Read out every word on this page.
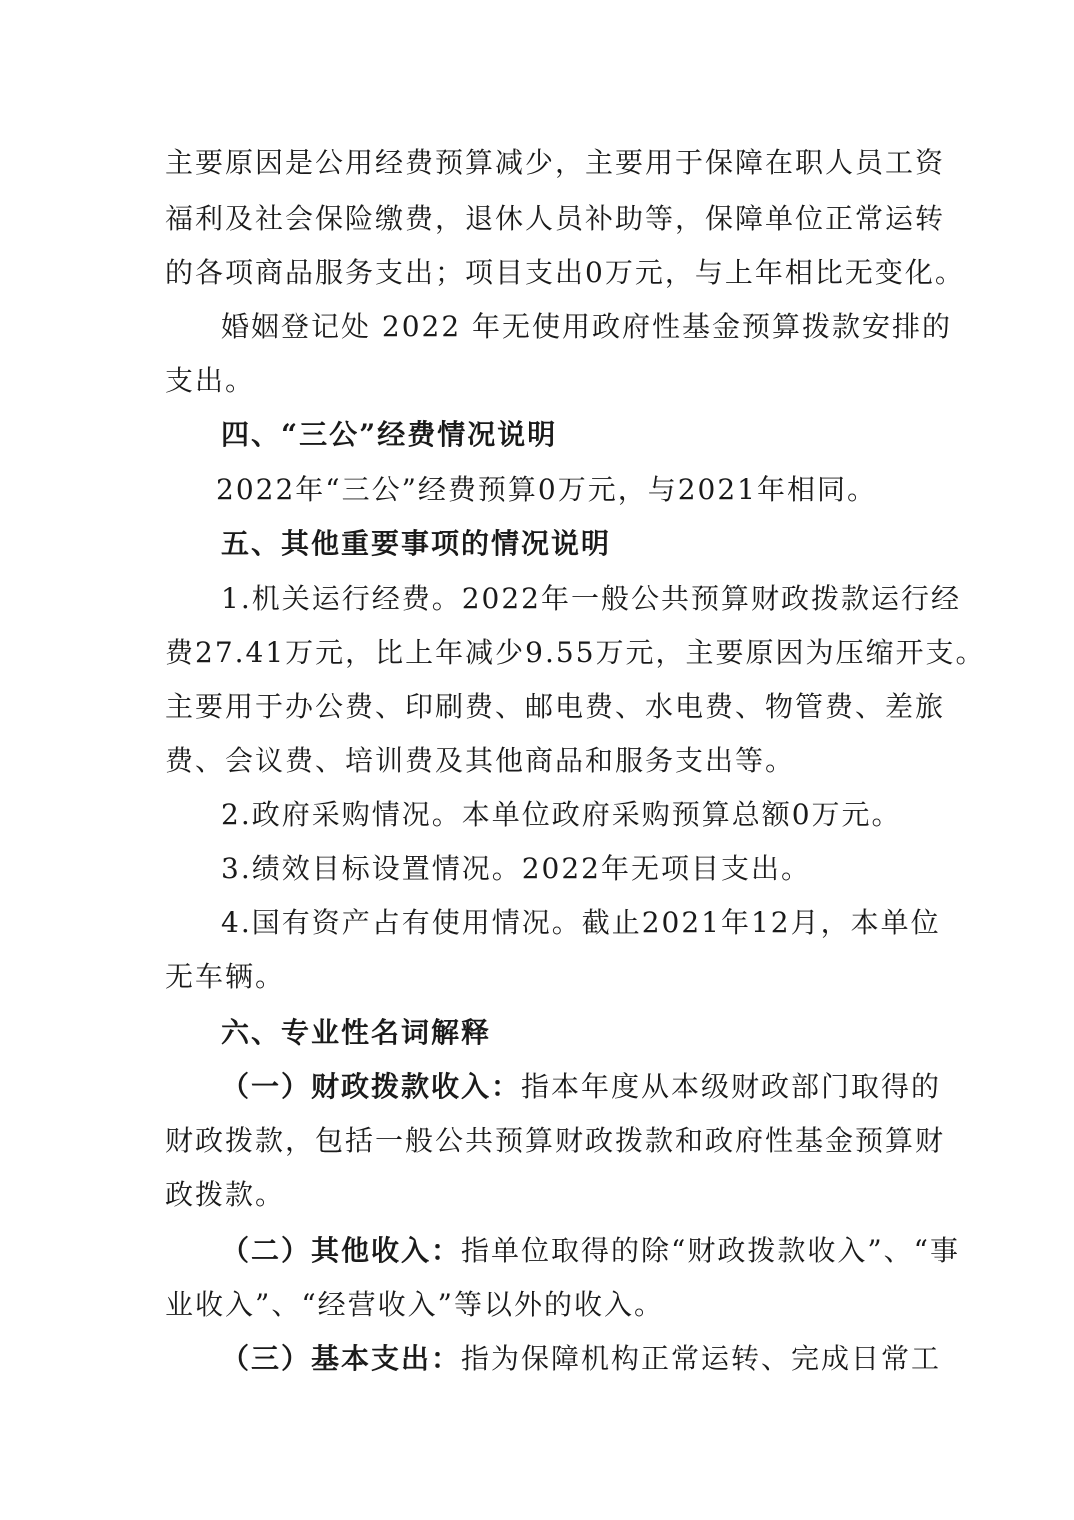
主要原因是公用经费预算减少，主要用于保障在职人员工资
福利及社会保险缴费，退休人员补助等，保障单位正常运转
的各项商品服务支出；项目支出0万元，与上年相比无变化。
婚姻登记处 2022 年无使用政府性基金预算拨款安排的
支出。
四、“三公”经费情况说明
2022年“三公”经费预算0万元，与2021年相同。
五、其他重要事项的情况说明
1.机关运行经费。2022年一般公共预算财政拨款运行经
费27.41万元，比上年减少9.55万元，主要原因为压缩开支。
主要用于办公费、印刷费、邮电费、水电费、物管费、差旅
费、会议费、培训费及其他商品和服务支出等。
2.政府采购情况。本单位政府采购预算总额0万元。
3.绩效目标设置情况。2022年无项目支出。
4.国有资产占有使用情况。截止2021年12月，本单位
无车辆。
六、专业性名词解释
（一）财政拨款收入：指本年度从本级财政部门取得的
财政拨款，包括一般公共预算财政拨款和政府性基金预算财
政拨款。
（二）其他收入：指单位取得的除“财政拨款收入”、“事
业收入”、“经营收入”等以外的收入。
（三）基本支出：指为保障机构正常运转、完成日常工
